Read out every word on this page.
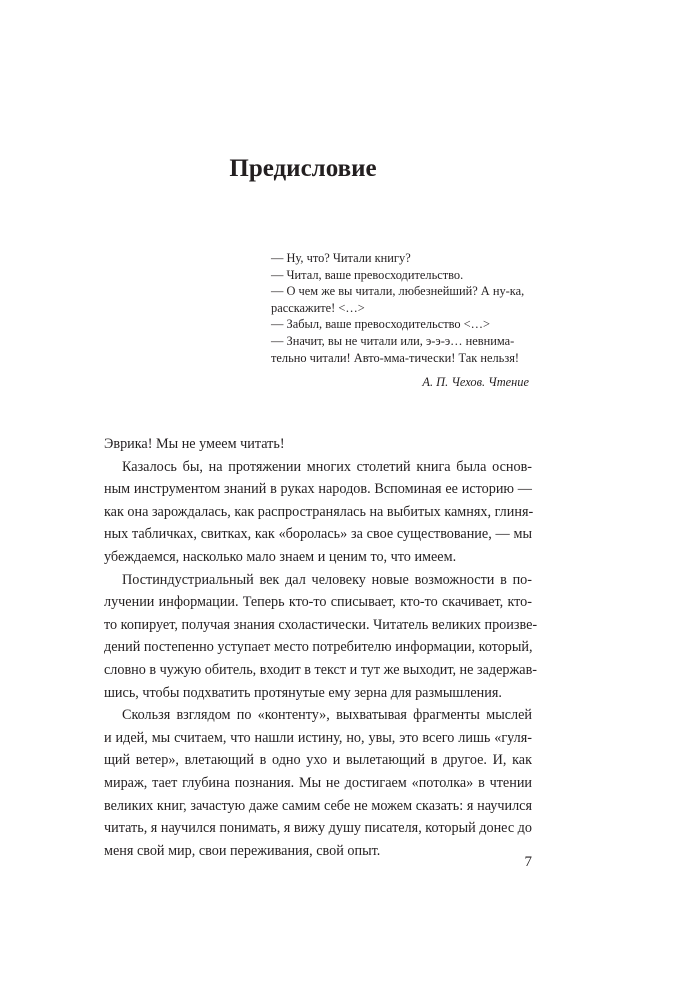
Предисловие
— Ну, что? Читали книгу?
— Читал, ваше превосходительство.
— О чем же вы читали, любезнейший? А ну-ка,
расскажите! <…>
— Забыл, ваше превосходительство <…>
— Значит, вы не читали или, э-э-э… невнима-
тельно читали! Авто-мма-тически! Так нельзя!
А. П. Чехов. Чтение
Эврика! Мы не умеем читать!
Казалось бы, на протяжении многих столетий книга была основ-
ным инструментом знаний в руках народов. Вспоминая ее историю —
как она зарождалась, как распространялась на выбитых камнях, глиня-
ных табличках, свитках, как «боролась» за свое существование, — мы
убеждаемся, насколько мало знаем и ценим то, что имеем.
Постиндустриальный век дал человеку новые возможности в по-
лучении информации. Теперь кто-то списывает, кто-то скачивает, кто-
то копирует, получая знания схоластически. Читатель великих произве-
дений постепенно уступает место потребителю информации, который,
словно в чужую обитель, входит в текст и тут же выходит, не задержав-
шись, чтобы подхватить протянутые ему зерна для размышления.
Скользя взглядом по «контенту», выхватывая фрагменты мыслей
и идей, мы считаем, что нашли истину, но, увы, это всего лишь «гуля-
щий ветер», влетающий в одно ухо и вылетающий в другое. И, как
мираж, тает глубина познания. Мы не достигаем «потолка» в чтении
великих книг, зачастую даже самим себе не можем сказать: я научился
читать, я научился понимать, я вижу душу писателя, который донес до
меня свой мир, свои переживания, свой опыт.
7
